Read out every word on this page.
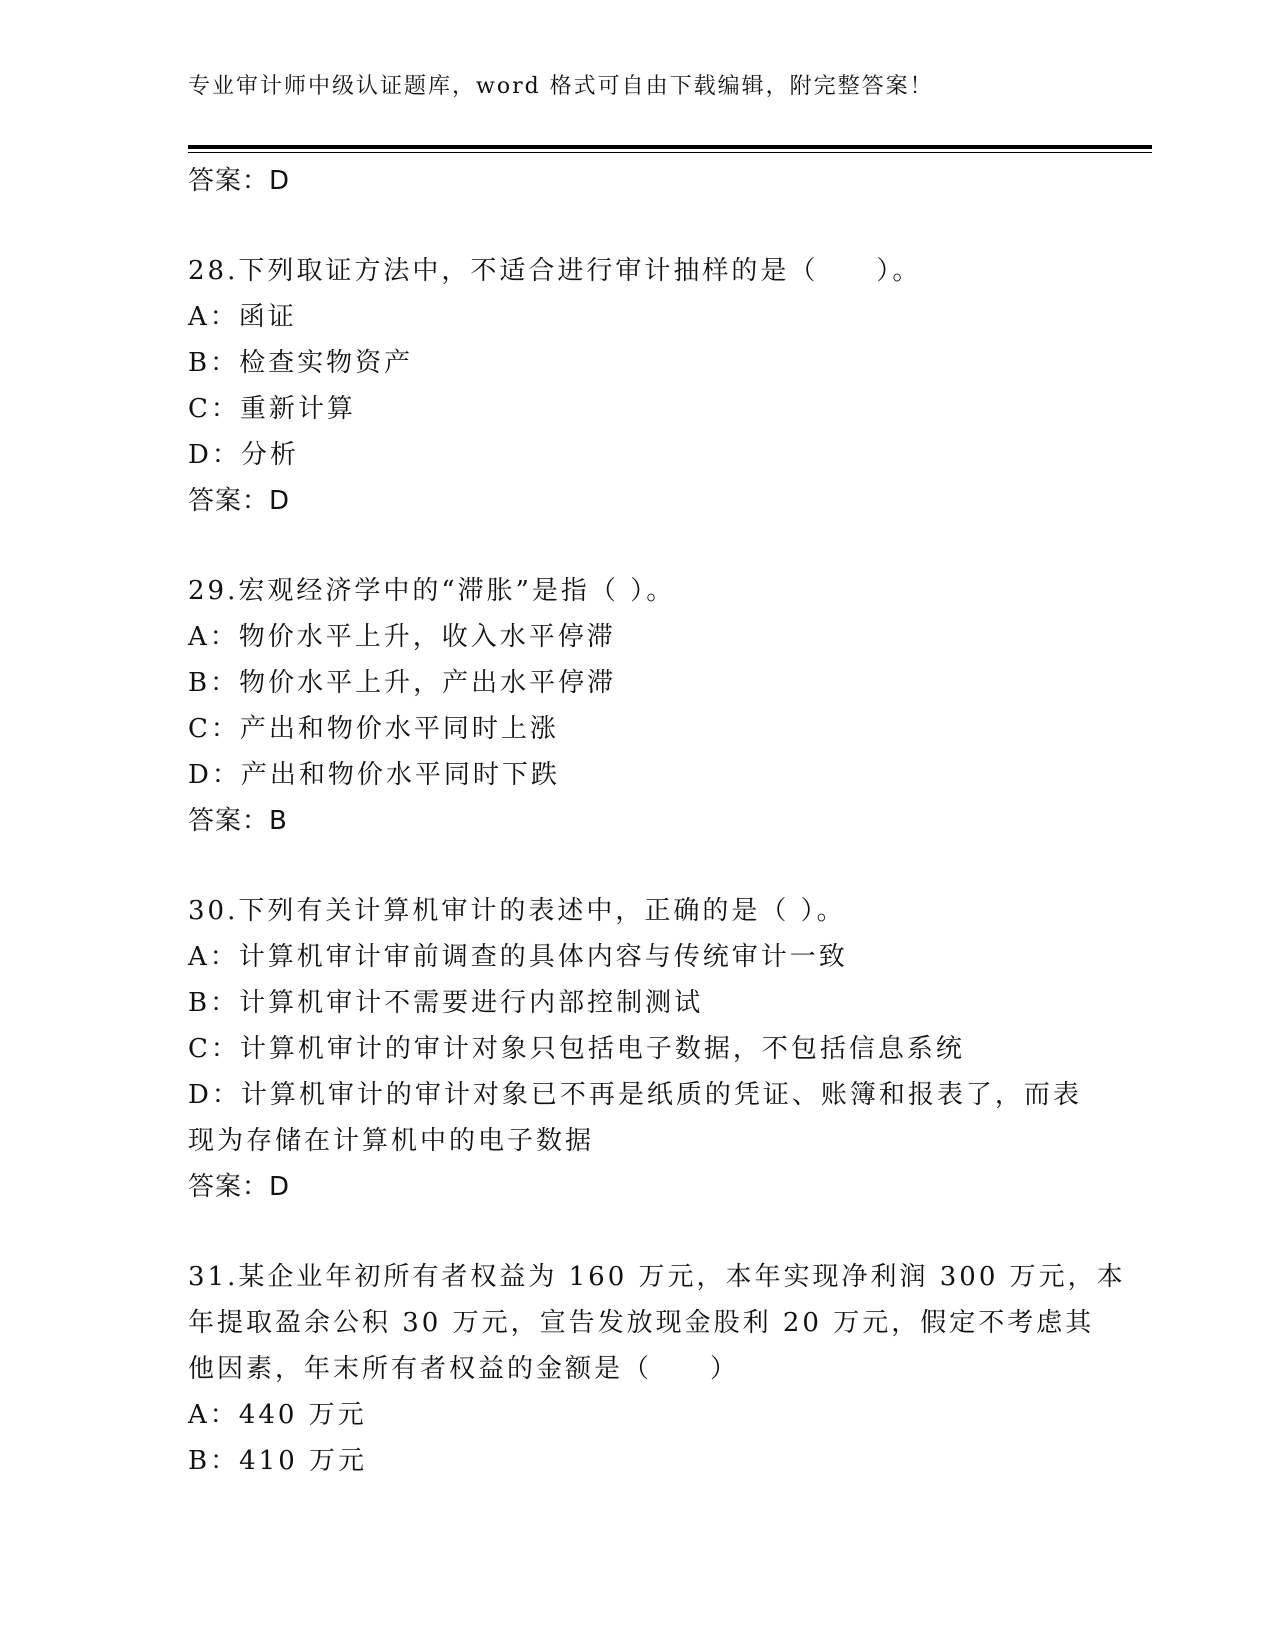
专业审计师中级认证题库，word 格式可自由下载编辑，附完整答案！
答案：D
28.下列取证方法中，不适合进行审计抽样的是（　　）。
A：函证
B：检查实物资产
C：重新计算
D：分析
答案：D
29.宏观经济学中的“滞胀”是指（ ）。
A：物价水平上升，收入水平停滞
B：物价水平上升，产出水平停滞
C：产出和物价水平同时上涨
D：产出和物价水平同时下跌
答案：B
30.下列有关计算机审计的表述中，正确的是（ ）。
A：计算机审计审前调查的具体内容与传统审计一致
B：计算机审计不需要进行内部控制测试
C：计算机审计的审计对象只包括电子数据，不包括信息系统
D：计算机审计的审计对象已不再是纸质的凭证、账簿和报表了，而表
现为存储在计算机中的电子数据
答案：D
31.某企业年初所有者权益为 160 万元，本年实现净利润 300 万元，本
年提取盈余公积 30 万元，宣告发放现金股利 20 万元，假定不考虑其
他因素，年末所有者权益的金额是（　　）
A：440 万元
B：410 万元
